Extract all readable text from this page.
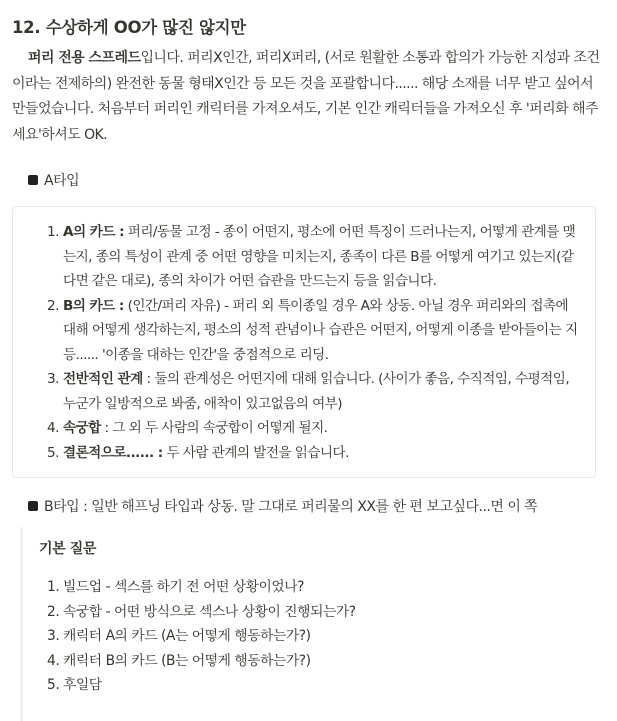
12. 수상하게 OO가 많진 않지만
퍼리 전용 스프레드입니다. 퍼리X인간, 퍼리X퍼리, (서로 원활한 소통과 합의가 가능한 지성과 조건이라는 전제하의) 완전한 동물 형태X인간 등 모든 것을 포괄합니다...... 해당 소재를 너무 받고 싶어서 만들었습니다. 처음부터 퍼리인 캐릭터를 가져오셔도, 기본 인간 캐릭터들을 가져오신 후 '퍼리화 해주세요'하셔도 OK.
A타입
1. A의 카드 : 퍼리/동물 고정 - 종이 어떤지, 평소에 어떤 특징이 드러나는지, 어떻게 관계를 맺는지, 종의 특성이 관계 중 어떤 영향을 미치는지, 종족이 다른 B를 어떻게 여기고 있는지(같다면 같은 대로), 종의 차이가 어떤 습관을 만드는지 등을 읽습니다.
2. B의 카드 : (인간/퍼리 자유) - 퍼리 외 특이종일 경우 A와 상동. 아닐 경우 퍼리와의 접촉에 대해 어떻게 생각하는지, 평소의 성적 관념이나 습관은 어떤지, 어떻게 이종을 받아들이는 지 등...... '이종을 대하는 인간'을 중점적으로 리딩.
3. 전반적인 관계 : 둘의 관계성은 어떤지에 대해 읽습니다. (사이가 좋음, 수직적임, 수평적임, 누군가 일방적으로 봐줌, 애착이 있고없음의 여부)
4. 속궁합 : 그 외 두 사람의 속궁합이 어떻게 될지.
5. 결론적으로...... : 두 사람 관계의 발전을 읽습니다.
B타입 : 일반 해프닝 타입과 상동. 말 그대로 퍼리물의 XX를 한 편 보고싶다...면 이 쪽
기본 질문
1. 빌드업 - 섹스를 하기 전 어떤 상황이었나?
2. 속궁합 - 어떤 방식으로 섹스나 상황이 진행되는가?
3. 캐릭터 A의 카드 (A는 어떻게 행동하는가?)
4. 캐릭터 B의 카드 (B는 어떻게 행동하는가?)
5. 후일담
